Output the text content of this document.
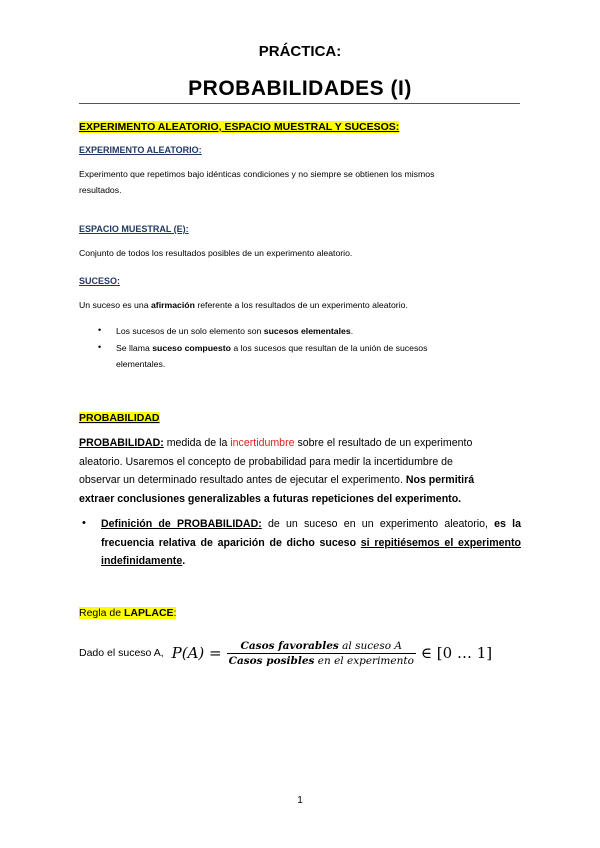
PRÁCTICA:
PROBABILIDADES (I)
EXPERIMENTO ALEATORIO, ESPACIO MUESTRAL Y SUCESOS:
EXPERIMENTO ALEATORIO:
Experimento que repetimos bajo idénticas condiciones y no siempre se obtienen los mismos
resultados.
ESPACIO MUESTRAL (E):
Conjunto de todos los resultados posibles de un experimento aleatorio.
SUCESO:
Un suceso es una afirmación referente a los resultados de un experimento aleatorio.
• Los sucesos de un solo elemento son sucesos elementales.
• Se llama suceso compuesto a los sucesos que resultan de la unión de sucesos
elementales.
PROBABILIDAD
PROBABILIDAD: medida de la incertidumbre sobre el resultado de un experimento
aleatorio. Usaremos el concepto de probabilidad para medir la incertidumbre de
observar un determinado resultado antes de ejecutar el experimento. Nos permitirá
extraer conclusiones generalizables a futuras repeticiones del experimento.
• Definición de PROBABILIDAD: de un suceso en un experimento aleatorio, es la
frecuencia relativa de aparición de dicho suceso si repitiésemos el experimento
indefinidamente.
Regla de LAPLACE:
Dado el suceso A, $P(A) = \frac{\text{Casos favorables al suceso A}}{\text{Casos posibles en el experimento}}$ ∈ [0 … 1]
1
